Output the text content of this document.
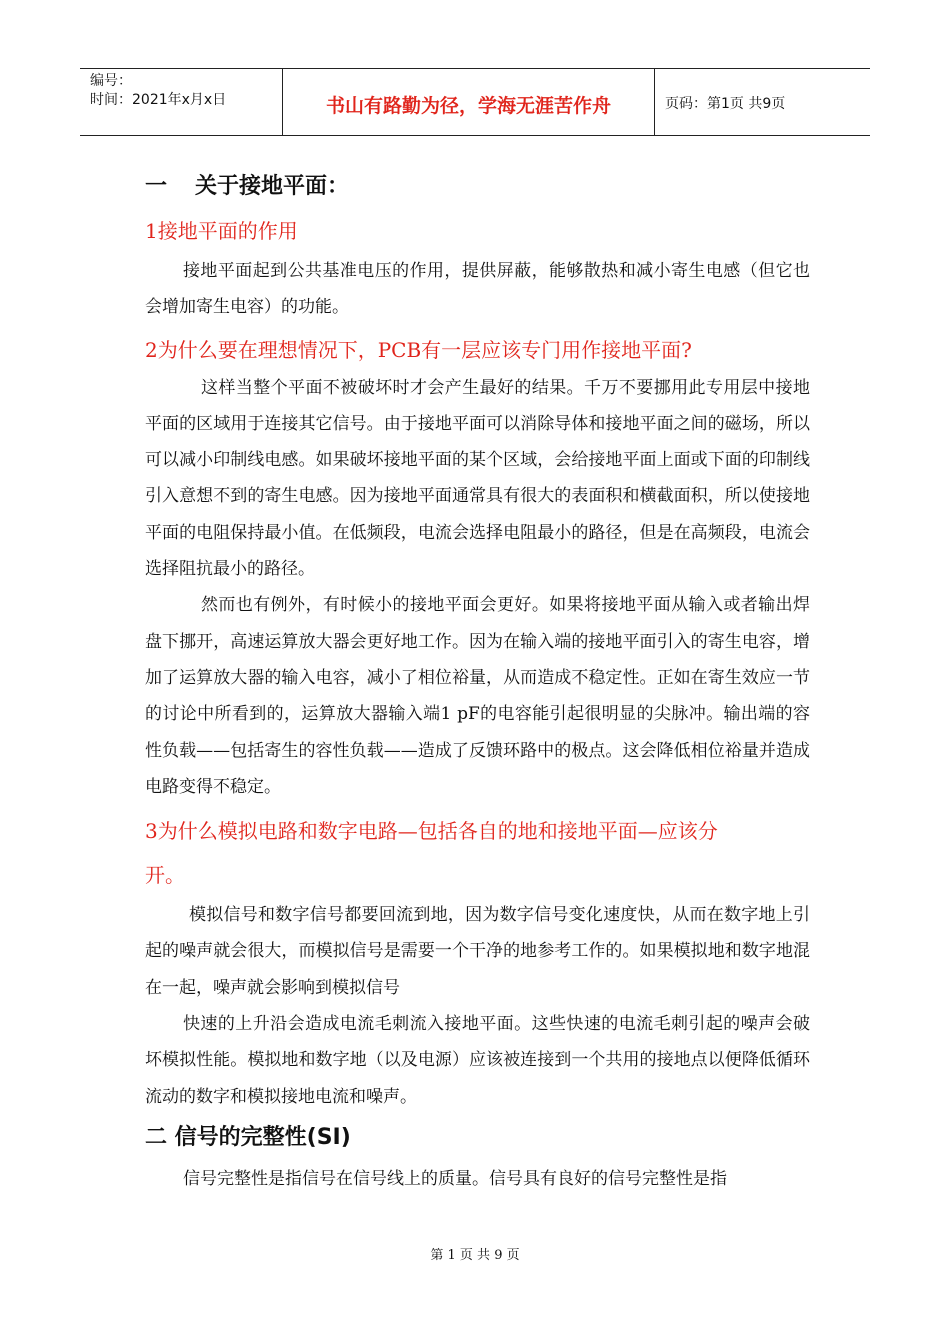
编号：
时间：2021年x月x日	书山有路勤为径，学海无涯苦作舟	页码：第1页 共9页
一 关于接地平面：
1接地平面的作用

接地平面起到公共基准电压的作用，提供屏蔽，能够散热和减小寄生电感（但它也会增加寄生电容）的功能。

2为什么要在理想情况下，PCB有一层应该专门用作接地平面?

这样当整个平面不被破坏时才会产生最好的结果。千万不要挪用此专用层中接地平面的区域用于连接其它信号。由于接地平面可以消除导体和接地平面之间的磁场，所以可以减小印制线电感。如果破坏接地平面的某个区域，会给接地平面上面或下面的印制线引入意想不到的寄生电感。因为接地平面通常具有很大的表面积和横截面积，所以使接地平面的电阻保持最小值。在低频段，电流会选择电阻最小的路径，但是在高频段，电流会选择阻抗最小的路径。

然而也有例外，有时候小的接地平面会更好。如果将接地平面从输入或者输出焊盘下挪开，高速运算放大器会更好地工作。因为在输入端的接地平面引入的寄生电容，增加了运算放大器的输入电容，减小了相位裕量，从而造成不稳定性。正如在寄生效应一节的讨论中所看到的，运算放大器输入端1 pF的电容能引起很明显的尖脉冲。输出端的容性负载——包括寄生的容性负载——造成了反馈环路中的极点。这会降低相位裕量并造成电路变得不稳定。

3为什么模拟电路和数字电路—包括各自的地和接地平面—应该分
开。

模拟信号和数字信号都要回流到地，因为数字信号变化速度快，从而在数字地上引起的噪声就会很大，而模拟信号是需要一个干净的地参考工作的。如果模拟地和数字地混在一起，噪声就会影响到模拟信号

快速的上升沿会造成电流毛刺流入接地平面。这些快速的电流毛刺引起的噪声会破坏模拟性能。模拟地和数字地（以及电源）应该被连接到一个共用的接地点以便降低循环流动的数字和模拟接地电流和噪声。

二 信号的完整性(SI)

信号完整性是指信号在信号线上的质量。信号具有良好的信号完整性是指

第 1 页 共 9 页
